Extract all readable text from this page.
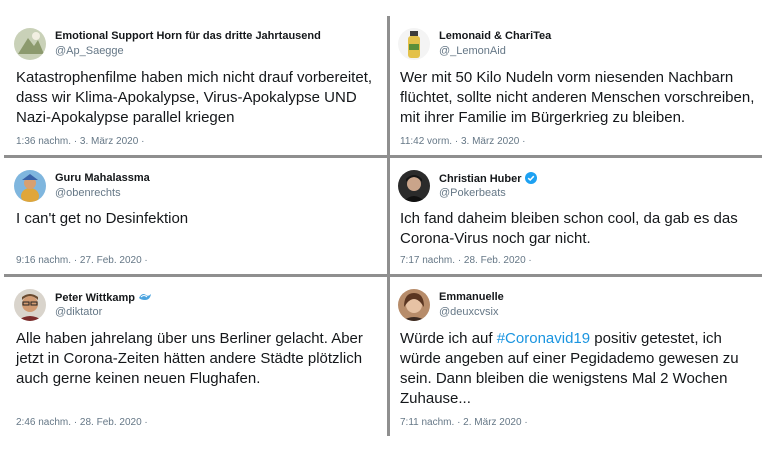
Emotional Support Horn für das dritte Jahrtausend
@Ap_Saegge
Katastrophenfilme haben mich nicht drauf vorbereitet, dass wir Klima-Apokalypse, Virus-Apokalypse UND Nazi-Apokalypse parallel kriegen
1:36 nachm. · 3. März 2020 ·
Lemonaid & ChariTea
@_LemonAid
Wer mit 50 Kilo Nudeln vorm niesenden Nachbarn flüchtet, sollte nicht anderen Menschen vorschreiben, mit ihrer Familie im Bürgerkrieg zu bleiben.
11:42 vorm. · 3. März 2020 ·
Guru Mahalassma
@obenrechts
I can't get no Desinfektion
9:16 nachm. · 27. Feb. 2020 ·
Christian Huber
@Pokerbeats
Ich fand daheim bleiben schon cool, da gab es das Corona-Virus noch gar nicht.
7:17 nachm. · 28. Feb. 2020 ·
Peter Wittkamp
@diktator
Alle haben jahrelang über uns Berliner gelacht. Aber jetzt in Corona-Zeiten hätten andere Städte plötzlich auch gerne keinen neuen Flughafen.
2:46 nachm. · 28. Feb. 2020 ·
Emmanuelle
@deuxcvsix
Würde ich auf #Coronavid19 positiv getestet, ich würde angeben auf einer Pegidademo gewesen zu sein. Dann bleiben die wenigstens Mal 2 Wochen Zuhause...
7:11 nachm. · 2. März 2020 ·
